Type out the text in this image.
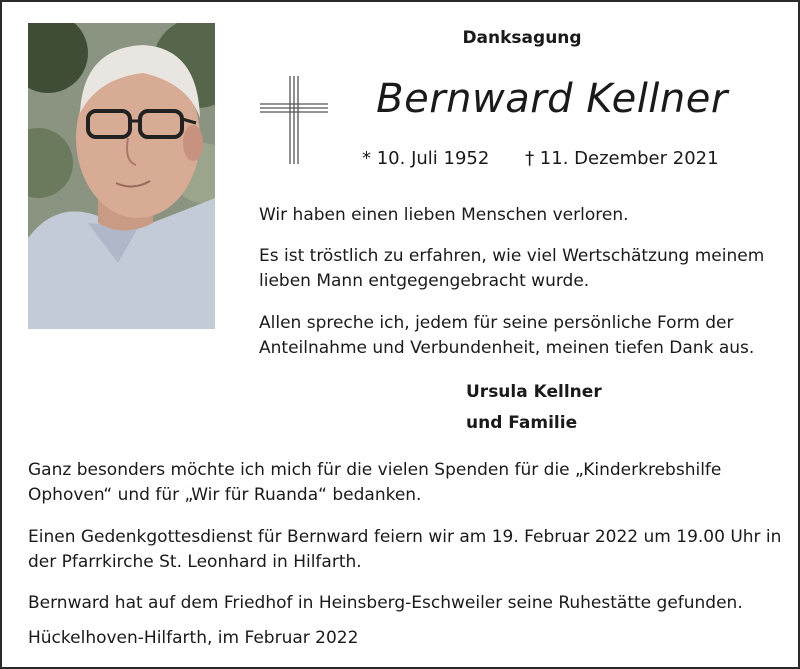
Danksagung
Bernward Kellner
* 10. Juli 1952 † 11. Dezember 2021
Wir haben einen lieben Menschen verloren.
Es ist tröstlich zu erfahren, wie viel Wertschätzung meinem lieben Mann entgegengebracht wurde.
Allen spreche ich, jedem für seine persönliche Form der Anteilnahme und Verbundenheit, meinen tiefen Dank aus.
Ursula Kellner
und Familie
Ganz besonders möchte ich mich für die vielen Spenden für die „Kinderkrebshilfe Ophoven“ und für „Wir für Ruanda“ bedanken.
Einen Gedenkgottesdienst für Bernward feiern wir am 19. Februar 2022 um 19.00 Uhr in der Pfarrkirche St. Leonhard in Hilfarth.
Bernward hat auf dem Friedhof in Heinsberg-Eschweiler seine Ruhestätte gefunden.
Hückelhoven-Hilfarth, im Februar 2022
